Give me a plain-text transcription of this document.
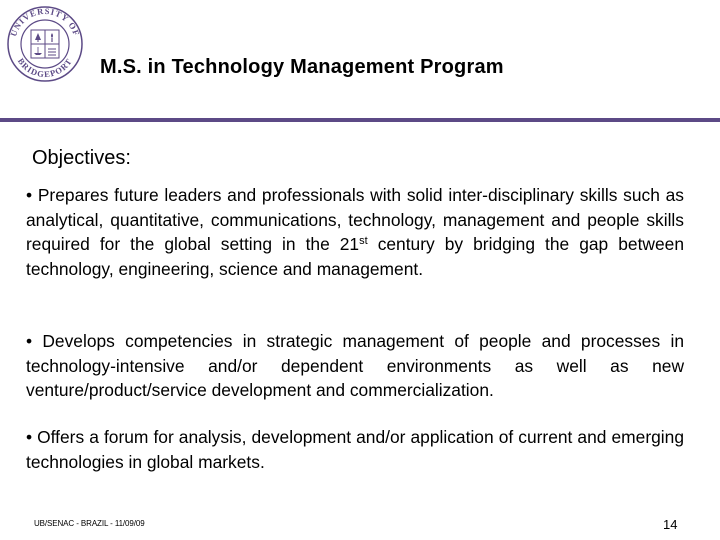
UNIVERSITY OF
BRIDGEPORT M.S. in Technology Management Program
Objectives:
• Prepares future leaders and professionals with solid inter-disciplinary skills such as analytical, quantitative, communications, technology, management and people skills required for the global setting in the 21st century by bridging the gap between technology, engineering, science and management.
• Develops competencies in strategic management of people and processes in technology-intensive and/or dependent environments as well as new venture/product/service development and commercialization.
• Offers a forum for analysis, development and/or application of current and emerging technologies in global markets.
UB/SENAC - BRAZIL - 11/09/09	14
